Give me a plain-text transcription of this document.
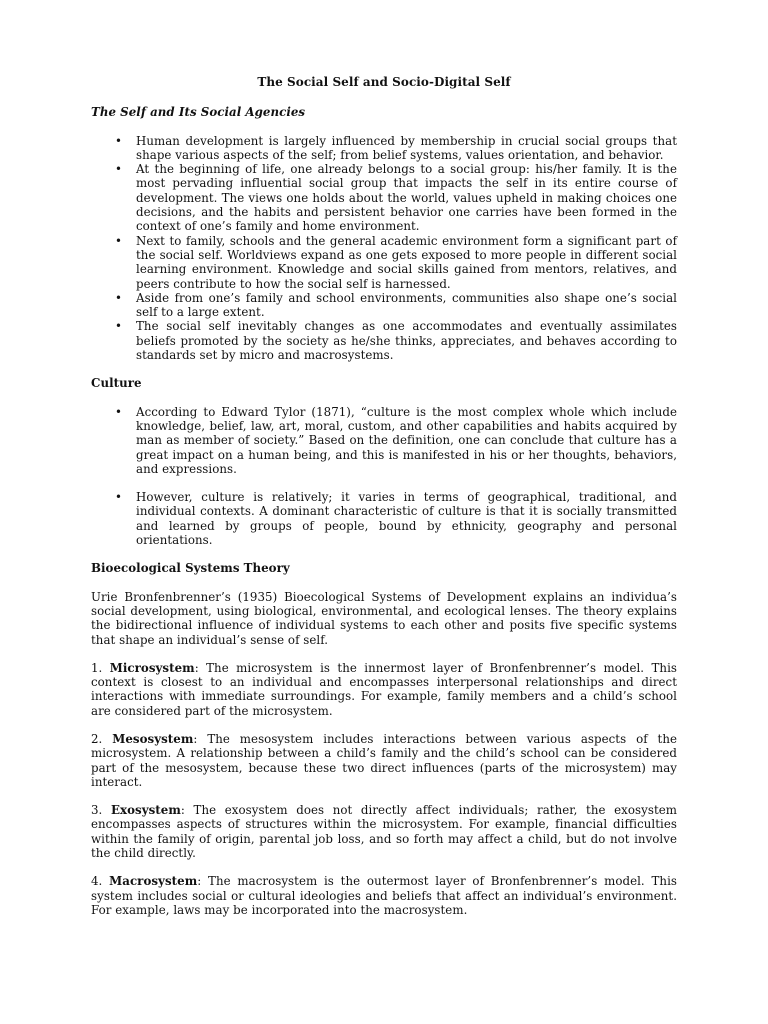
The Social Self and Socio-Digital Self
The Self and Its Social Agencies
• Human development is largely influenced by membership in crucial social groups that shape various aspects of the self; from belief systems, values orientation, and behavior.
• At the beginning of life, one already belongs to a social group: his/her family. It is the most pervading influential social group that impacts the self in its entire course of development. The views one holds about the world, values upheld in making choices one decisions, and the habits and persistent behavior one carries have been formed in the context of one’s family and home environment.
• Next to family, schools and the general academic environment form a significant part of the social self. Worldviews expand as one gets exposed to more people in different social learning environment. Knowledge and social skills gained from mentors, relatives, and peers contribute to how the social self is harnessed.
• Aside from one’s family and school environments, communities also shape one’s social self to a large extent.
• The social self inevitably changes as one accommodates and eventually assimilates beliefs promoted by the society as he/she thinks, appreciates, and behaves according to standards set by micro and macrosystems.
Culture
• According to Edward Tylor (1871), “culture is the most complex whole which include knowledge, belief, law, art, moral, custom, and other capabilities and habits acquired by man as member of society.” Based on the definition, one can conclude that culture has a great impact on a human being, and this is manifested in his or her thoughts, behaviors, and expressions.
• However, culture is relatively; it varies in terms of geographical, traditional, and individual contexts. A dominant characteristic of culture is that it is socially transmitted and learned by groups of people, bound by ethnicity, geography and personal orientations.
Bioecological Systems Theory

Urie Bronfenbrenner’s (1935) Bioecological Systems of Development explains an individua’s social development, using biological, environmental, and ecological lenses. The theory explains the bidirectional influence of individual systems to each other and posits five specific systems that shape an individual’s sense of self.

1. Microsystem: The microsystem is the innermost layer of Bronfenbrenner’s model. This context is closest to an individual and encompasses interpersonal relationships and direct interactions with immediate surroundings. For example, family members and a child’s school are considered part of the microsystem.

2. Mesosystem: The mesosystem includes interactions between various aspects of the microsystem. A relationship between a child’s family and the child’s school can be considered part of the mesosystem, because these two direct influences (parts of the microsystem) may interact.

3. Exosystem: The exosystem does not directly affect individuals; rather, the exosystem encompasses aspects of structures within the microsystem. For example, financial difficulties within the family of origin, parental job loss, and so forth may affect a child, but do not involve the child directly.

4. Macrosystem: The macrosystem is the outermost layer of Bronfenbrenner’s model. This system includes social or cultural ideologies and beliefs that affect an individual’s environment. For example, laws may be incorporated into the macrosystem.
